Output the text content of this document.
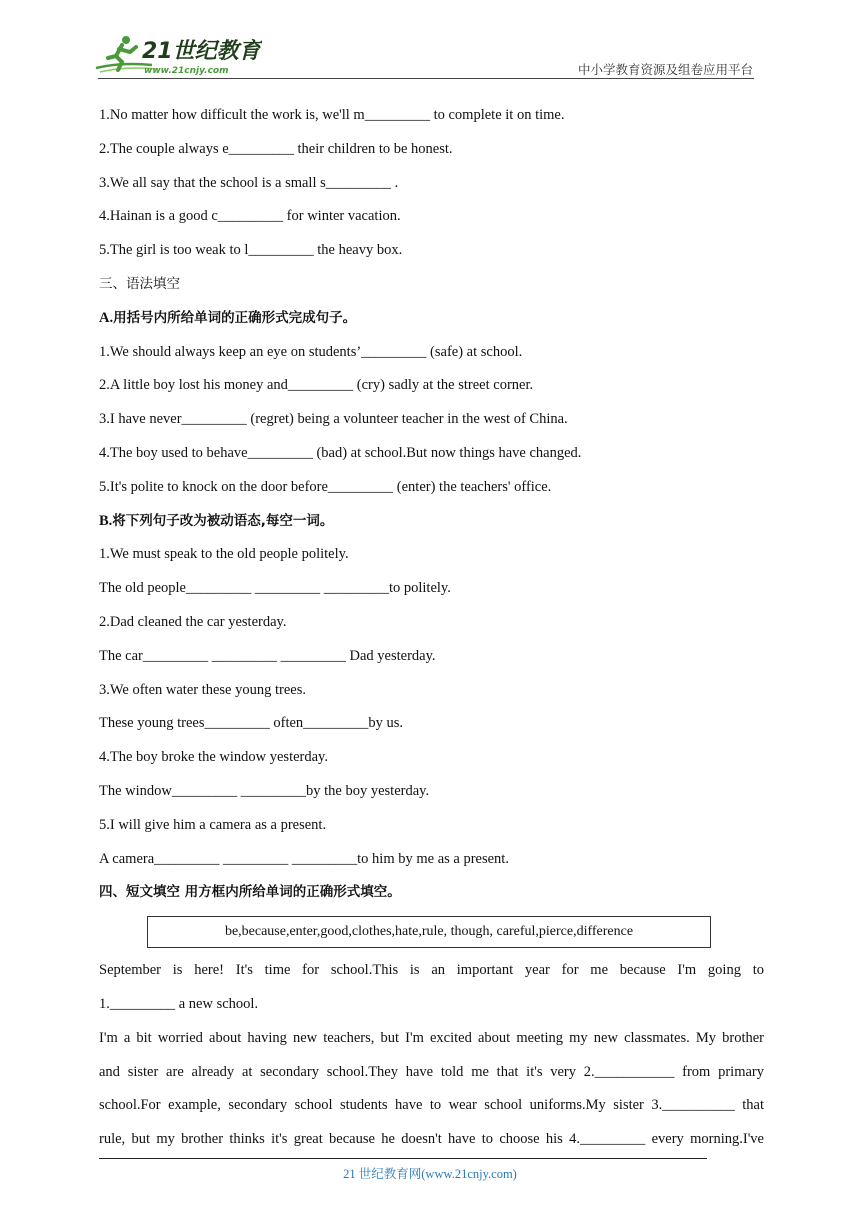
21世纪教育
www.21cnjy.com	中小学教育资源及组卷应用平台
1.No matter how difficult the work is, we'll m_________ to complete it on time.
2.The couple always e_________ their children to be honest.
3.We all say that the school is a small s_________ .
4.Hainan is a good c_________ for winter vacation.
5.The girl is too weak to l_________ the heavy box.
三、语法填空
A.用括号内所给单词的正确形式完成句子。
1.We should always keep an eye on students’_________ (safe) at school.
2.A little boy lost his money and_________ (cry) sadly at the street corner.
3.I have never_________ (regret) being a volunteer teacher in the west of China.
4.The boy used to behave_________ (bad) at school.But now things have changed.
5.It's polite to knock on the door before_________ (enter) the teachers' office.
B.将下列句子改为被动语态,每空一词。
1.We must speak to the old people politely.
The old people_________ _________ _________to politely.
2.Dad cleaned the car yesterday.
The car_________ _________ _________ Dad yesterday.
3.We often water these young trees.
These young trees_________ often_________by us.
4.The boy broke the window yesterday.
The window_________ _________by the boy yesterday.
5.I will give him a camera as a present.
A camera_________ _________ _________to him by me as a present.
四、短文填空 用方框内所给单词的正确形式填空。
be,because,enter,good,clothes,hate,rule, though, careful,pierce,difference
September is here! It's time for school.This is an important year for me because I'm going to
1._________ a new school.
I'm a bit worried about having new teachers, but I'm excited about meeting my new classmates. My brother
and sister are already at secondary school.They have told me that it's very 2.___________ from primary
school.For example, secondary school students have to wear school uniforms.My sister 3.__________ that
rule, but my brother thinks it's great because he doesn't have to choose his 4._________ every morning.I've
21 世纪教育网(www.21cnjy.com)
